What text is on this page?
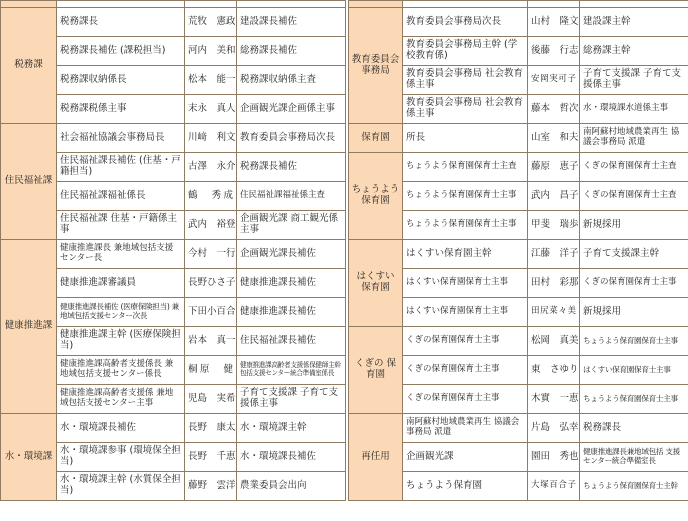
税務課	税務課長	荒牧　憲政	建設課長補佐
	税務課長補佐 (課税担当)	河内　美和	総務課長補佐
	税務課収納係長	松本　能一	税務課収納係主査
	税務課税係主事	末永　真人	企画観光課企画係主事
住民福祉課	社会福祉協議会事務局長	川﨑　利文	教育委員会事務局次長
	住民福祉課長補佐 (住基・戸籍担当)	古澤　永介	税務課長補佐
	住民福祉課福祉係長	鶴　秀成	住民福祉課福祉係主査
	住民福祉課 住基・戸籍係主事	武内　裕登	企画観光課 商工観光係主事
健康推進課	健康推進課長 兼地域包括支援センター長	今村　一行	企画観光課長補佐
	健康推進課審議員	長野ひさ子	健康推進課長補佐
	健康推進課長補佐 (医療保険担当) 兼地域包括支援センター次長	下田小百合	健康推進課長補佐
	健康推進課主幹 (医療保険担当)	岩本　真一	住民福祉課長補佐
	健康推進課高齢者支援係長 兼地域包括支援センター係長	桐原　健	健康推進課高齢者支援係保健師主幹 包括支援センター統合準備室係長
	健康推進課高齢者支援係 兼地域包括支援センター主事	児島　実希	子育て支援課 子育て支援係主事
水・環境課	水・環境課長補佐	長野　康太	水・環境課主幹
	水・環境課参事 (環境保全担当)	長野　千恵	水・環境課長補佐
	水・環境課主幹 (水質保全担当)	藤野　雲洋	農業委員会出向

教育委員会 事務局	教育委員会事務局次長	山村　隆文	建設課主幹
	教育委員会事務局主幹 (学校教育係)	後藤　行志	総務課主幹
	教育委員会事務局 社会教育係主事	安岡実可子	子育て支援課 子育て支援係主事
	教育委員会事務局 社会教育係主事	藤本　哲次	水・環境課水道係主事
保育園	所長	山室　和夫	南阿蘇村地域農業再生 協議会事務局 派遣
ちょうよう 保育園	ちょうよう保育園保育士主査	藤原　恵子	くぎの保育園保育士主査
	ちょうよう保育園保育士主事	武内　昌子	くぎの保育園保育士主査
	ちょうよう保育園保育士主事	甲斐　瑞歩	新規採用
はくすい 保育園	はくすい保育園主幹	江藤　洋子	子育て支援課主幹
	はくすい保育園保育士主事	田村　彩那	くぎの保育園保育士主事
	はくすい保育園保育士主事	田尻菜々美	新規採用
くぎの 保育園	くぎの保育園保育士主事	松岡　真美	ちょうよう保育園保育士主事
	くぎの保育園保育士主事	東　さゆり	はくすい保育園保育士主事
	くぎの保育園保育士主事	木實　一恵	ちょうよう保育園保育士主事
再任用	南阿蘇村地域農業再生 協議会事務局 派遣	片島　弘幸	税務課長
	企画観光課	園田　秀也	健康推進課長兼地域包括 支援センター統合準備室長
	ちょうよう保育園	大塚百合子	ちょうよう保育園保育士主幹
